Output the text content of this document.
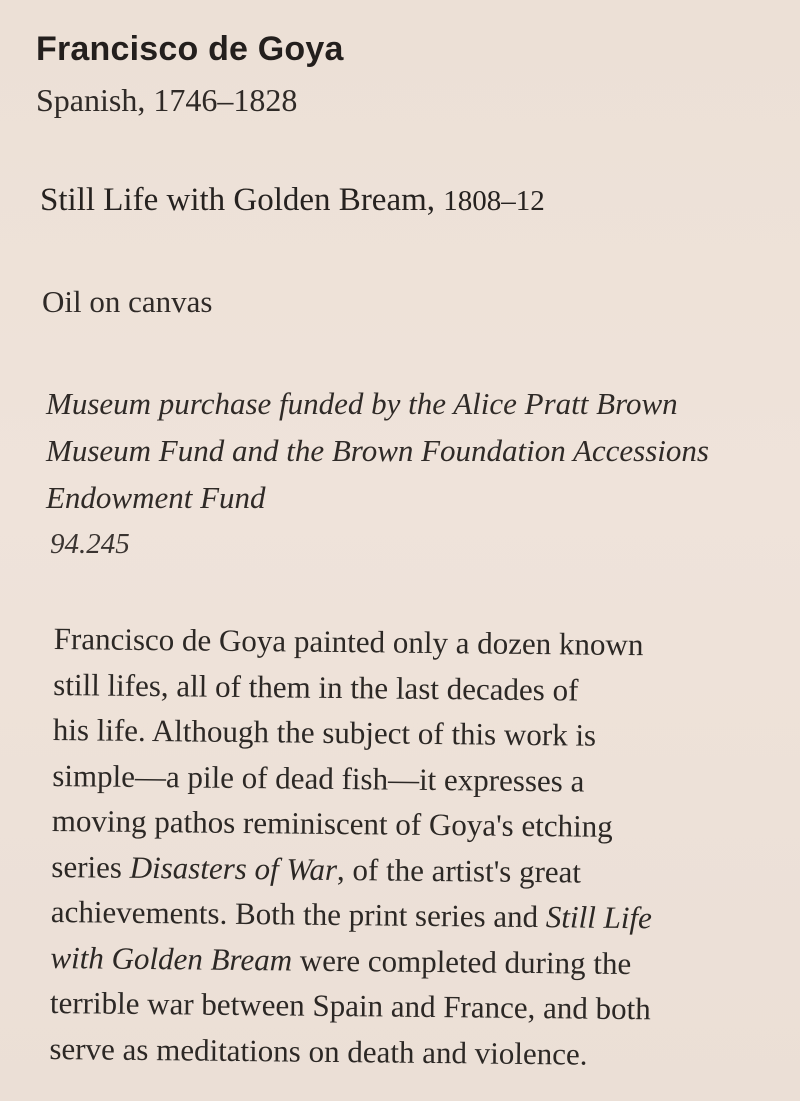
Francisco de Goya
Spanish, 1746–1828
Still Life with Golden Bream, 1808–12
Oil on canvas
Museum purchase funded by the Alice Pratt Brown
Museum Fund and the Brown Foundation Accessions
Endowment Fund
94.245
Francisco de Goya painted only a dozen known
still lifes, all of them in the last decades of
his life. Although the subject of this work is
simple—a pile of dead fish—it expresses a
moving pathos reminiscent of Goya's etching
series Disasters of War, of the artist's great
achievements. Both the print series and Still Life
with Golden Bream were completed during the
terrible war between Spain and France, and both
serve as meditations on death and violence.
